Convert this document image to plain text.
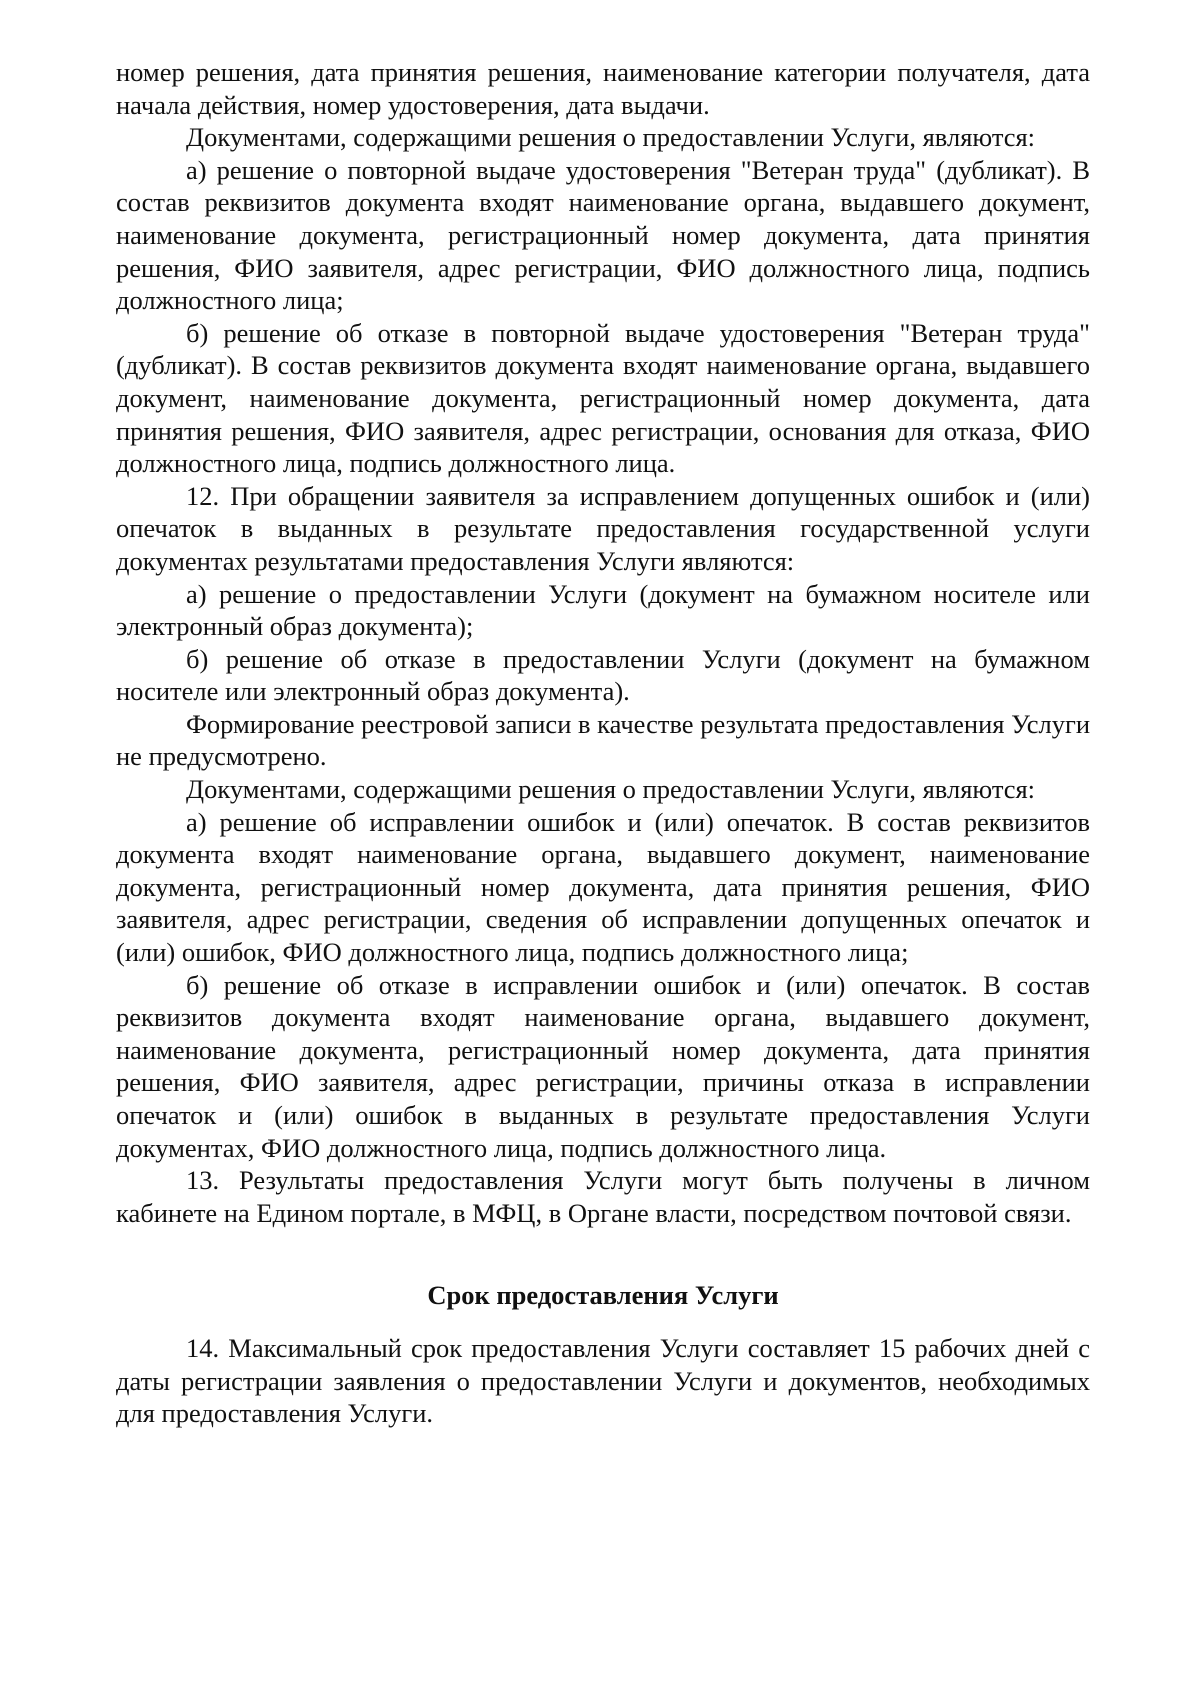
номер решения, дата принятия решения, наименование категории получателя, дата начала действия, номер удостоверения, дата выдачи.

Документами, содержащими решения о предоставлении Услуги, являются:

а) решение о повторной выдаче удостоверения "Ветеран труда" (дубликат). В состав реквизитов документа входят наименование органа, выдавшего документ, наименование документа, регистрационный номер документа, дата принятия решения, ФИО заявителя, адрес регистрации, ФИО должностного лица, подпись должностного лица;

б) решение об отказе в повторной выдаче удостоверения "Ветеран труда" (дубликат). В состав реквизитов документа входят наименование органа, выдавшего документ, наименование документа, регистрационный номер документа, дата принятия решения, ФИО заявителя, адрес регистрации, основания для отказа, ФИО должностного лица, подпись должностного лица.

12. При обращении заявителя за исправлением допущенных ошибок и (или) опечаток в выданных в результате предоставления государственной услуги документах результатами предоставления Услуги являются:

а) решение о предоставлении Услуги (документ на бумажном носителе или электронный образ документа);

б) решение об отказе в предоставлении Услуги (документ на бумажном носителе или электронный образ документа).

Формирование реестровой записи в качестве результата предоставления Услуги не предусмотрено.

Документами, содержащими решения о предоставлении Услуги, являются:

а) решение об исправлении ошибок и (или) опечаток. В состав реквизитов документа входят наименование органа, выдавшего документ, наименование документа, регистрационный номер документа, дата принятия решения, ФИО заявителя, адрес регистрации, сведения об исправлении допущенных опечаток и (или) ошибок, ФИО должностного лица, подпись должностного лица;

б) решение об отказе в исправлении ошибок и (или) опечаток. В состав реквизитов документа входят наименование органа, выдавшего документ, наименование документа, регистрационный номер документа, дата принятия решения, ФИО заявителя, адрес регистрации, причины отказа в исправлении опечаток и (или) ошибок в выданных в результате предоставления Услуги документах, ФИО должностного лица, подпись должностного лица.

13. Результаты предоставления Услуги могут быть получены в личном кабинете на Едином портале, в МФЦ, в Органе власти, посредством почтовой связи.

Срок предоставления Услуги

14. Максимальный срок предоставления Услуги составляет 15 рабочих дней с даты регистрации заявления о предоставлении Услуги и документов, необходимых для предоставления Услуги.
